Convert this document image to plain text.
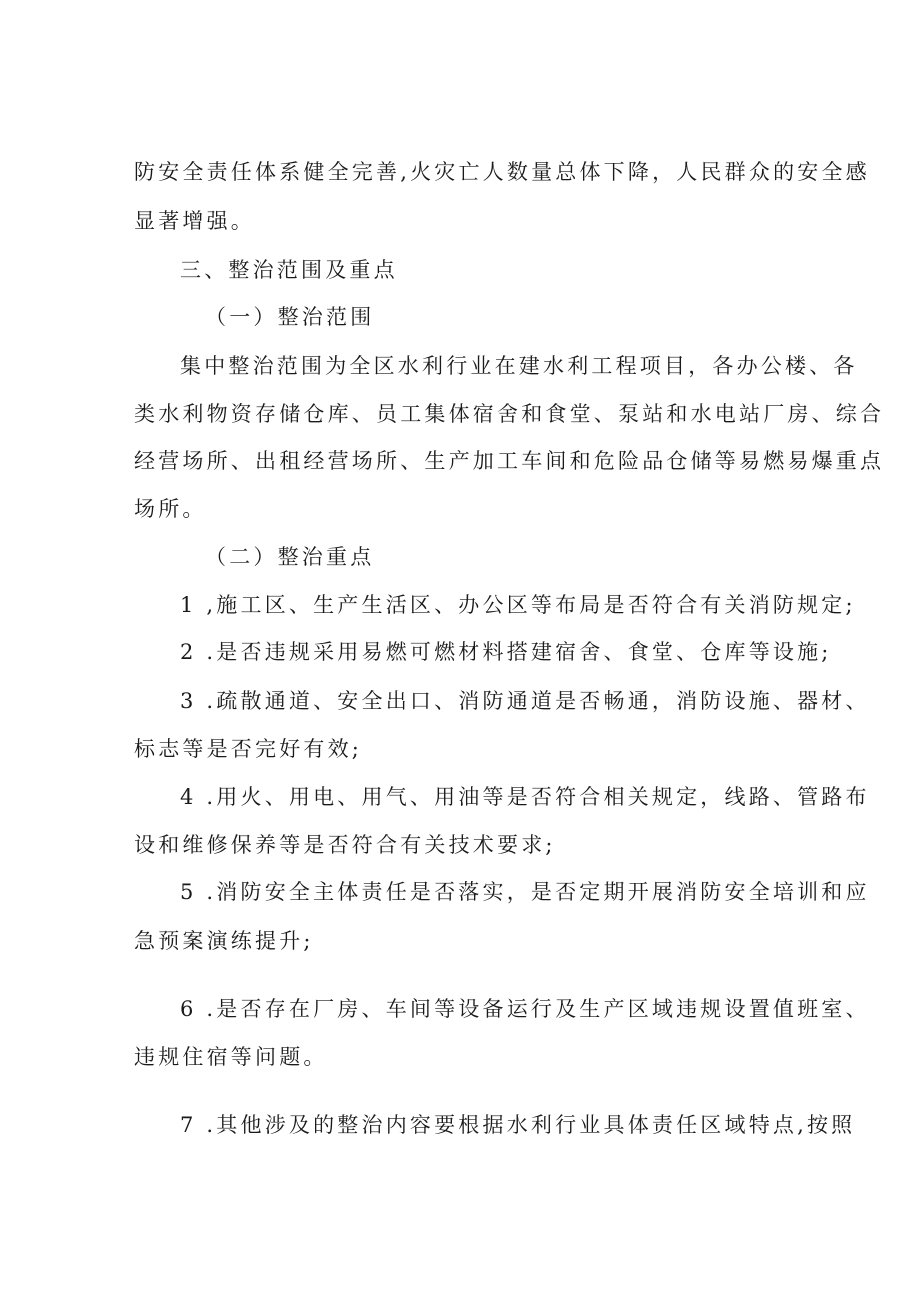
防安全责任体系健全完善,火灾亡人数量总体下降，人民群众的安全感
显著增强。
三、整治范围及重点
（一）整治范围
集中整治范围为全区水利行业在建水利工程项目，各办公楼、各
类水利物资存储仓库、员工集体宿舍和食堂、泵站和水电站厂房、综合
经营场所、出租经营场所、生产加工车间和危险品仓储等易燃易爆重点
场所。
（二）整治重点
1 ,施工区、生产生活区、办公区等布局是否符合有关消防规定;
2 .是否违规采用易燃可燃材料搭建宿舍、食堂、仓库等设施;
3 .疏散通道、安全出口、消防通道是否畅通，消防设施、器材、
标志等是否完好有效;
4 .用火、用电、用气、用油等是否符合相关规定，线路、管路布
设和维修保养等是否符合有关技术要求;
5 .消防安全主体责任是否落实，是否定期开展消防安全培训和应
急预案演练提升;
6 .是否存在厂房、车间等设备运行及生产区域违规设置值班室、
违规住宿等问题。
7 .其他涉及的整治内容要根据水利行业具体责任区域特点,按照
